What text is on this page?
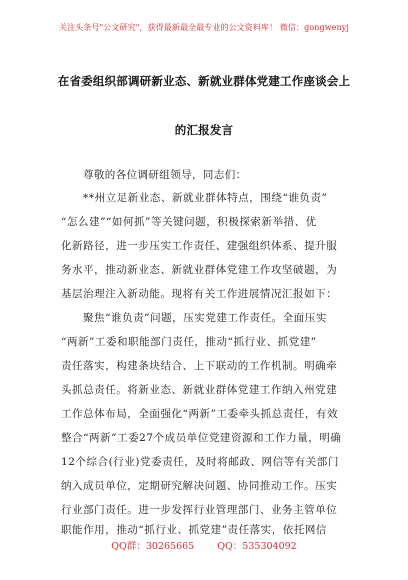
关注头条号"公文研究"，获得最新最全最专业的公文资料库！ 微信：gongwenyj
在省委组织部调研新业态、新就业群体党建工作座谈会上
的汇报发言
尊敬的各位调研组领导，同志们：
**州立足新业态、新就业群体特点，围绕“谁负责”
“怎么建”“如何抓”等关键问题，积极探索新举措、优
化新路径，进一步压实工作责任、建强组织体系、提升服
务水平，推动新业态、新就业群体党建工作攻坚破题，为
基层治理注入新动能。现将有关工作进展情况汇报如下：
聚焦“谁负责”问题，压实党建工作责任。全面压实
“两新”工委和职能部门责任，推动“抓行业、抓党建”
责任落实，构建条块结合、上下联动的工作机制。明确牵
头抓总责任。将新业态、新就业群体党建工作纳入州党建
工作总体布局，全面强化“两新”工委牵头抓总责任，有效
整合“两新”工委27个成员单位党建资源和工作力量，明确
12个综合(行业)党委责任，及时将邮政、网信等有关部门
纳入成员单位，定期研究解决问题、协同推动工作。压实
行业部门责任。进一步发挥行业管理部门、业务主管单位
职能作用，推动“抓行业、抓党建”责任落实，依托网信
QQ群：30265665 QQ：535304092
